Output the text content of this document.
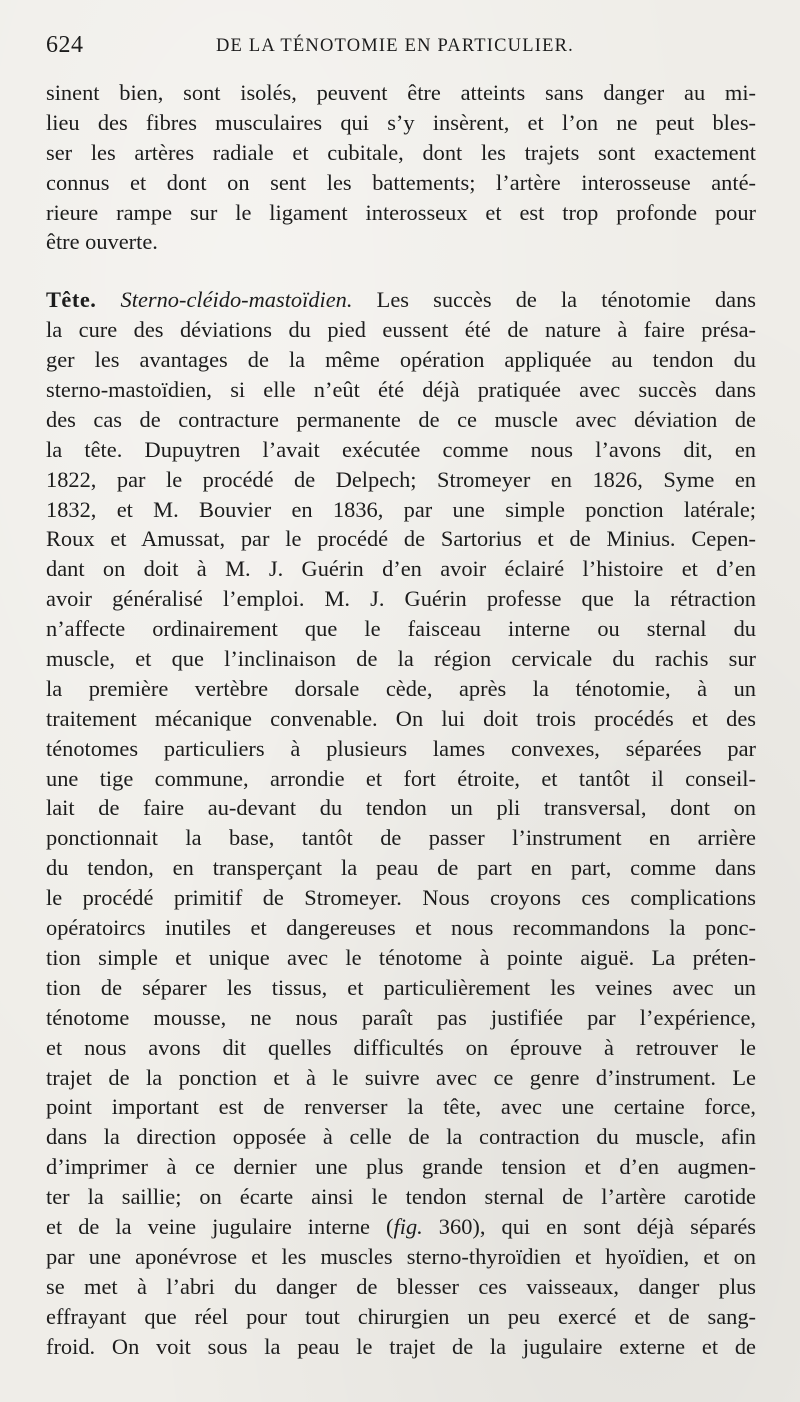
624	DE LA TÉNOTOMIE EN PARTICULIER.
sinent bien, sont isolés, peuvent être atteints sans danger au mi-
lieu des fibres musculaires qui s’y insèrent, et l’on ne peut bles-
ser les artères radiale et cubitale, dont les trajets sont exactement
connus et dont on sent les battements; l’artère interosseuse anté-
rieure rampe sur le ligament interosseux et est trop profonde pour
être ouverte.
Tête. Sterno-cléido-mastoïdien. Les succès de la ténotomie dans
la cure des déviations du pied eussent été de nature à faire présa-
ger les avantages de la même opération appliquée au tendon du
sterno-mastoïdien, si elle n’eût été déjà pratiquée avec succès dans
des cas de contracture permanente de ce muscle avec déviation de
la tête. Dupuytren l’avait exécutée comme nous l’avons dit, en
1822, par le procédé de Delpech; Stromeyer en 1826, Syme en
1832, et M. Bouvier en 1836, par une simple ponction latérale;
Roux et Amussat, par le procédé de Sartorius et de Minius. Cepen-
dant on doit à M. J. Guérin d’en avoir éclairé l’histoire et d’en
avoir généralisé l’emploi. M. J. Guérin professe que la rétraction
n’affecte ordinairement que le faisceau interne ou sternal du
muscle, et que l’inclinaison de la région cervicale du rachis sur
la première vertèbre dorsale cède, après la ténotomie, à un
traitement mécanique convenable. On lui doit trois procédés et des
ténotomes particuliers à plusieurs lames convexes, séparées par
une tige commune, arrondie et fort étroite, et tantôt il conseil-
lait de faire au-devant du tendon un pli transversal, dont on
ponctionnait la base, tantôt de passer l’instrument en arrière
du tendon, en transperçant la peau de part en part, comme dans
le procédé primitif de Stromeyer. Nous croyons ces complications
opératoircs inutiles et dangereuses et nous recommandons la ponc-
tion simple et unique avec le ténotome à pointe aiguë. La préten-
tion de séparer les tissus, et particulièrement les veines avec un
ténotome mousse, ne nous paraît pas justifiée par l’expérience,
et nous avons dit quelles difficultés on éprouve à retrouver le
trajet de la ponction et à le suivre avec ce genre d’instrument. Le
point important est de renverser la tête, avec une certaine force,
dans la direction opposée à celle de la contraction du muscle, afin
d’imprimer à ce dernier une plus grande tension et d’en augmen-
ter la saillie; on écarte ainsi le tendon sternal de l’artère carotide
et de la veine jugulaire interne (fig. 360), qui en sont déjà séparés
par une aponévrose et les muscles sterno-thyroïdien et hyoïdien, et on
se met à l’abri du danger de blesser ces vaisseaux, danger plus
effrayant que réel pour tout chirurgien un peu exercé et de sang-
froid. On voit sous la peau le trajet de la jugulaire externe et de
